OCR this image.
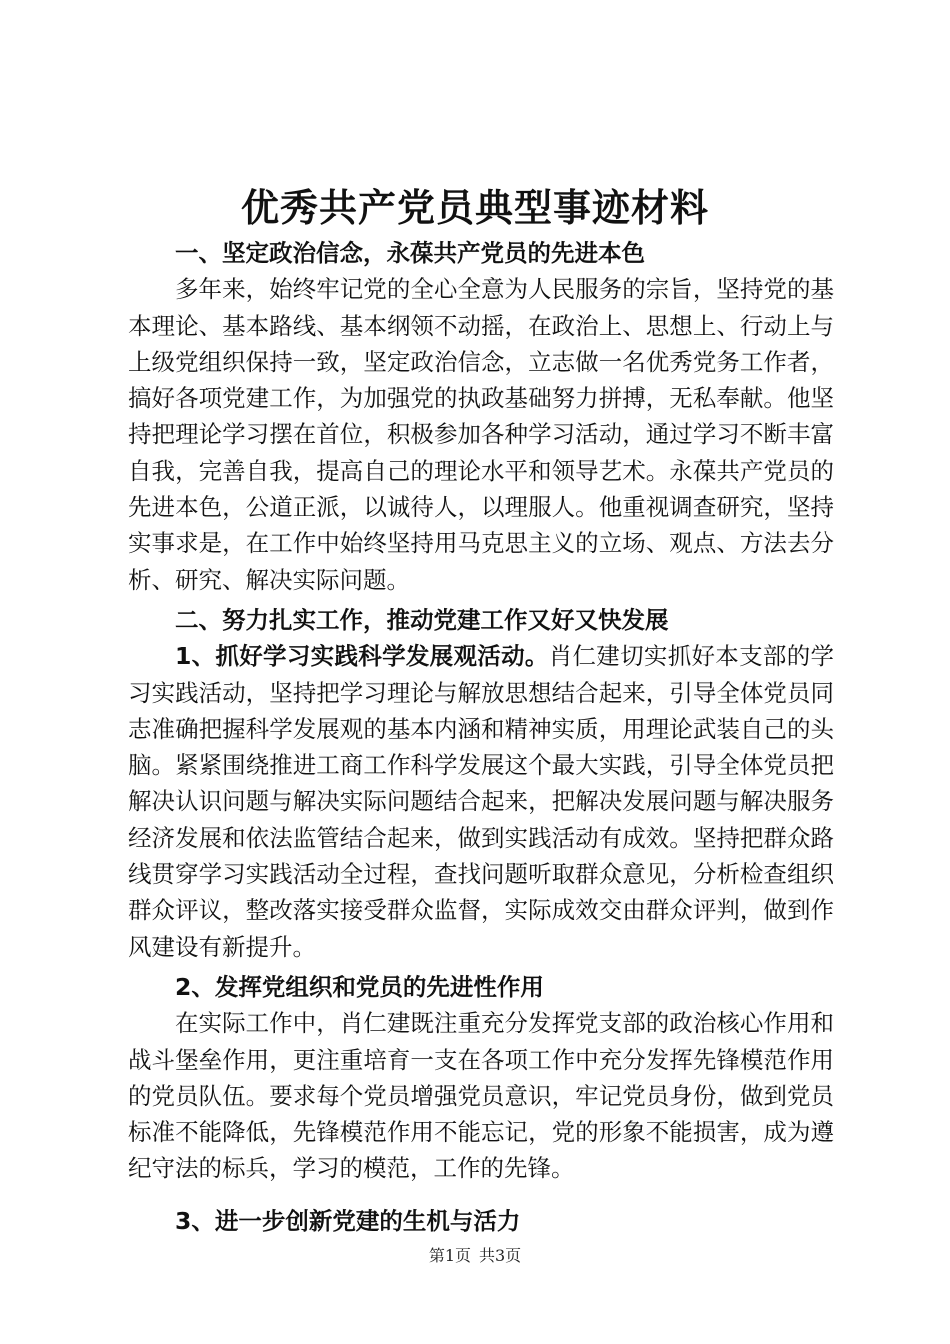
优秀共产党员典型事迹材料

一、坚定政治信念，永葆共产党员的先进本色

多年来，始终牢记党的全心全意为人民服务的宗旨，坚持党的基本理论、基本路线、基本纲领不动摇，在政治上、思想上、行动上与上级党组织保持一致，坚定政治信念，立志做一名优秀党务工作者，搞好各项党建工作，为加强党的执政基础努力拼搏，无私奉献。他坚持把理论学习摆在首位，积极参加各种学习活动，通过学习不断丰富自我，完善自我，提高自己的理论水平和领导艺术。永葆共产党员的先进本色，公道正派，以诚待人，以理服人。他重视调查研究，坚持实事求是，在工作中始终坚持用马克思主义的立场、观点、方法去分析、研究、解决实际问题。

二、努力扎实工作，推动党建工作又好又快发展

1、抓好学习实践科学发展观活动。肖仁建切实抓好本支部的学习实践活动，坚持把学习理论与解放思想结合起来，引导全体党员同志准确把握科学发展观的基本内涵和精神实质，用理论武装自己的头脑。紧紧围绕推进工商工作科学发展这个最大实践，引导全体党员把解决认识问题与解决实际问题结合起来，把解决发展问题与解决服务经济发展和依法监管结合起来，做到实践活动有成效。坚持把群众路线贯穿学习实践活动全过程，查找问题听取群众意见，分析检查组织群众评议，整改落实接受群众监督，实际成效交由群众评判，做到作风建设有新提升。

2、发挥党组织和党员的先进性作用

在实际工作中，肖仁建既注重充分发挥党支部的政治核心作用和战斗堡垒作用，更注重培育一支在各项工作中充分发挥先锋模范作用的党员队伍。要求每个党员增强党员意识，牢记党员身份，做到党员标准不能降低，先锋模范作用不能忘记，党的形象不能损害，成为遵纪守法的标兵，学习的模范，工作的先锋。

3、进一步创新党建的生机与活力

第1页 共3页
